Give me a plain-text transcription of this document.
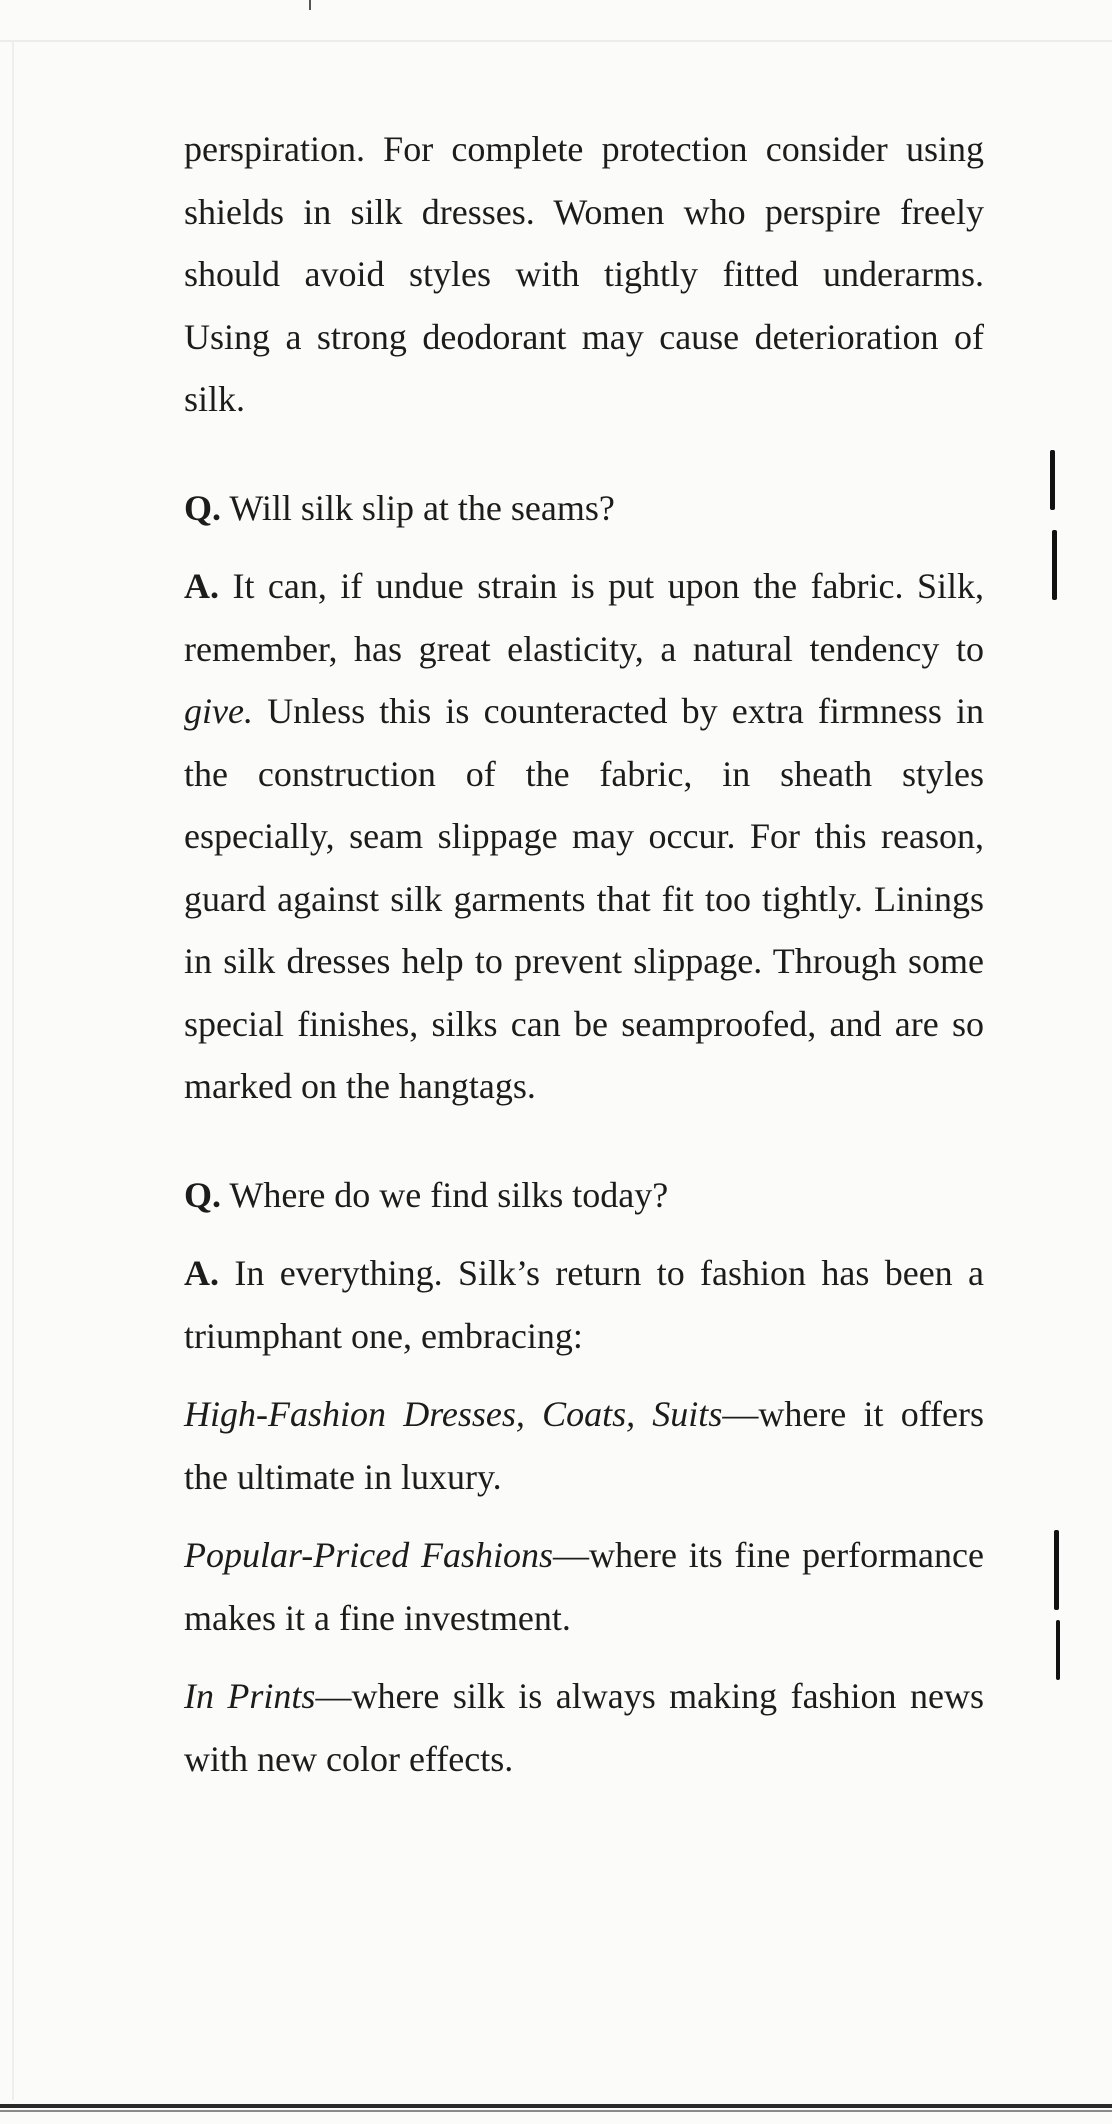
perspiration. For complete protection consider using shields in silk dresses. Women who perspire freely should avoid styles with tightly fitted underarms. Using a strong deodorant may cause deterioration of silk.

Q. Will silk slip at the seams?

A. It can, if undue strain is put upon the fabric. Silk, remember, has great elasticity, a natural tendency to give. Unless this is counteracted by extra firmness in the construction of the fabric, in sheath styles especially, seam slippage may occur. For this reason, guard against silk garments that fit too tightly. Linings in silk dresses help to prevent slippage. Through some special finishes, silks can be seamproofed, and are so marked on the hangtags.

Q. Where do we find silks today?

A. In everything. Silk’s return to fashion has been a triumphant one, embracing:

High-Fashion Dresses, Coats, Suits—where it offers the ultimate in luxury.

Popular-Priced Fashions—where its fine performance makes it a fine investment.

In Prints—where silk is always making fashion news with new color effects.
